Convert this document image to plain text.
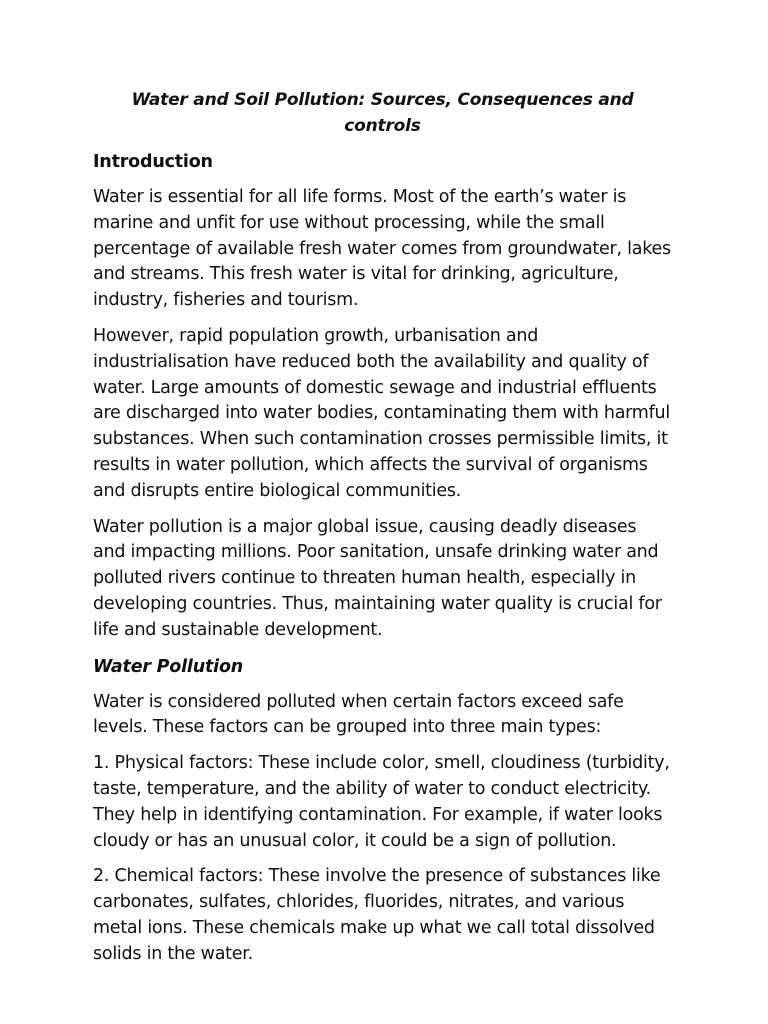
Water and Soil Pollution: Sources, Consequences and controls
Introduction

Water is essential for all life forms. Most of the earth’s water is marine and unfit for use without processing, while the small percentage of available fresh water comes from groundwater, lakes and streams. This fresh water is vital for drinking, agriculture, industry, fisheries and tourism.

However, rapid population growth, urbanisation and industrialisation have reduced both the availability and quality of water. Large amounts of domestic sewage and industrial effluents are discharged into water bodies, contaminating them with harmful substances. When such contamination crosses permissible limits, it results in water pollution, which affects the survival of organisms and disrupts entire biological communities.

Water pollution is a major global issue, causing deadly diseases and impacting millions. Poor sanitation, unsafe drinking water and polluted rivers continue to threaten human health, especially in developing countries. Thus, maintaining water quality is crucial for life and sustainable development.

Water Pollution

Water is considered polluted when certain factors exceed safe levels. These factors can be grouped into three main types:

1. Physical factors: These include color, smell, cloudiness (turbidity, taste, temperature, and the ability of water to conduct electricity. They help in identifying contamination. For example, if water looks cloudy or has an unusual color, it could be a sign of pollution.

2. Chemical factors: These involve the presence of substances like carbonates, sulfates, chlorides, fluorides, nitrates, and various metal ions. These chemicals make up what we call total dissolved solids in the water.
